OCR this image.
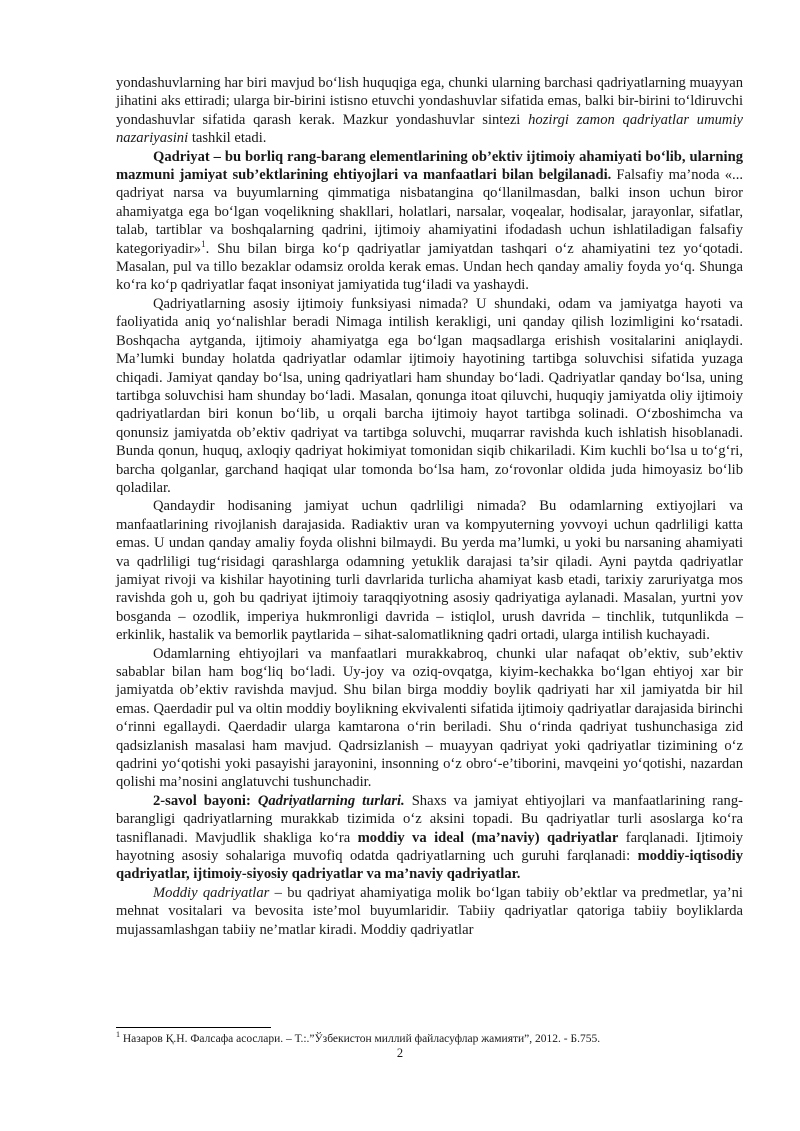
yondashuvlarning har biri mavjud bo‘lish huquqiga ega, chunki ularning barchasi qadriyatlarning muayyan jihatini aks ettiradi; ularga bir-birini istisno etuvchi yondashuvlar sifatida emas, balki bir-birini to‘ldiruvchi yondashuvlar sifatida qarash kerak. Mazkur yondashuvlar sintezi hozirgi zamon qadriyatlar umumiy nazariyasini tashkil etadi.

Qadriyat – bu borliq rang-barang elementlarining ob’ektiv ijtimoiy ahamiyati bo‘lib, ularning mazmuni jamiyat sub’ektlarining ehtiyojlari va manfaatlari bilan belgilanadi. Falsafiy ma’noda «... qadriyat narsa va buyumlarning qimmatiga nisbatangina qo‘llanilmasdan, balki inson uchun biror ahamiyatga ega bo‘lgan voqelikning shakllari, holatlari, narsalar, voqealar, hodisalar, jarayonlar, sifatlar, talab, tartiblar va boshqalarning qadrini, ijtimoiy ahamiyatini ifodadash uchun ishlatiladigan falsafiy kategoriyadir»$^1$. Shu bilan birga ko‘p qadriyatlar jamiyatdan tashqari o‘z ahamiyatini tez yo‘qotadi. Masalan, pul va tillo bezaklar odamsiz orolda kerak emas. Undan hech qanday amaliy foyda yo‘q. Shunga ko‘ra ko‘p qadriyatlar faqat insoniyat jamiyatida tug‘iladi va yashaydi.

Qadriyatlarning asosiy ijtimoiy funksiyasi nimada? U shundaki, odam va jamiyatga hayoti va faoliyatida aniq yo‘nalishlar beradi Nimaga intilish kerakligi, uni qanday qilish lozimligini ko‘rsatadi. Boshqacha aytganda, ijtimoiy ahamiyatga ega bo‘lgan maqsadlarga erishish vositalarini aniqlaydi. Ma’lumki bunday holatda qadriyatlar odamlar ijtimoiy hayotining tartibga soluvchisi sifatida yuzaga chiqadi. Jamiyat qanday bo‘lsa, uning qadriyatlari ham shunday bo‘ladi. Qadriyatlar qanday bo‘lsa, uning tartibga soluvchisi ham shunday bo‘ladi. Masalan, qonunga itoat qiluvchi, huquqiy jamiyatda oliy ijtimoiy qadriyatlardan biri konun bo‘lib, u orqali barcha ijtimoiy hayot tartibga solinadi. O‘zboshimcha va qonunsiz jamiyatda ob’ektiv qadriyat va tartibga soluvchi, muqarrar ravishda kuch ishlatish hisoblanadi. Bunda qonun, huquq, axloqiy qadriyat hokimiyat tomonidan siqib chikariladi. Kim kuchli bo‘lsa u to‘g‘ri, barcha qolganlar, garchand haqiqat ular tomonda bo‘lsa ham, zo‘rovonlar oldida juda himoyasiz bo‘lib qoladilar.

Qandaydir hodisaning jamiyat uchun qadrliligi nimada? Bu odamlarning extiyojlari va manfaatlarining rivojlanish darajasida. Radiaktiv uran va kompyuterning yovvoyi uchun qadrliligi katta emas. U undan qanday amaliy foyda olishni bilmaydi. Bu yerda ma’lumki, u yoki bu narsaning ahamiyati va qadrliligi tug‘risidagi qarashlarga odamning yetuklik darajasi ta’sir qiladi. Ayni paytda qadriyatlar jamiyat rivoji va kishilar hayotining turli davrlarida turlicha ahamiyat kasb etadi, tarixiy zaruriyatga mos ravishda goh u, goh bu qadriyat ijtimoiy taraqqiyotning asosiy qadriyatiga aylanadi. Masalan, yurtni yov bosganda – ozodlik, imperiya hukmronligi davrida – istiqlol, urush davrida – tinchlik, tutqunlikda – erkinlik, hastalik va bemorlik paytlarida – sihat-salomatlikning qadri ortadi, ularga intilish kuchayadi.

Odamlarning ehtiyojlari va manfaatlari murakkabroq, chunki ular nafaqat ob’ektiv, sub’ektiv sabablar bilan ham bog‘liq bo‘ladi. Uy-joy va oziq-ovqatga, kiyim-kechakka bo‘lgan ehtiyoj xar bir jamiyatda ob’ektiv ravishda mavjud. Shu bilan birga moddiy boylik qadriyati har xil jamiyatda bir hil emas. Qaerdadir pul va oltin moddiy boylikning ekvivalenti sifatida ijtimoiy qadriyatlar darajasida birinchi o‘rinni egallaydi. Qaerdadir ularga kamtarona o‘rin beriladi. Shu o‘rinda qadriyat tushunchasiga zid qadsizlanish masalasi ham mavjud. Qadrsizlanish – muayyan qadriyat yoki qadriyatlar tizimining o‘z qadrini yo‘qotishi yoki pasayishi jarayonini, insonning o‘z obro‘-e’tiborini, mavqeini yo‘qotishi, nazardan qolishi ma’nosini anglatuvchi tushunchadir.

2-savol bayoni: Qadriyatlarning turlari. Shaxs va jamiyat ehtiyojlari va manfaatlarining rang-barangligi qadriyatlarning murakkab tizimida o‘z aksini topadi. Bu qadriyatlar turli asoslarga ko‘ra tasniflanadi. Mavjudlik shakliga ko‘ra moddiy va ideal (ma’naviy) qadriyatlar farqlanadi. Ijtimoiy hayotning asosiy sohalariga muvofiq odatda qadriyatlarning uch guruhi farqlanadi: moddiy-iqtisodiy qadriyatlar, ijtimoiy-siyosiy qadriyatlar va ma’naviy qadriyatlar.

Moddiy qadriyatlar – bu qadriyat ahamiyatiga molik bo‘lgan tabiiy ob’ektlar va predmetlar, ya’ni mehnat vositalari va bevosita iste’mol buyumlaridir. Tabiiy qadriyatlar qatoriga tabiiy boyliklarda mujassamlashgan tabiiy ne’matlar kiradi. Moddiy qadriyatlar

$^1$ Назаров Қ.Н. Фалсафа асослари. – Т.:.”Ўзбекистон миллий файласуфлар жамияти”, 2012. - Б.755.
2
